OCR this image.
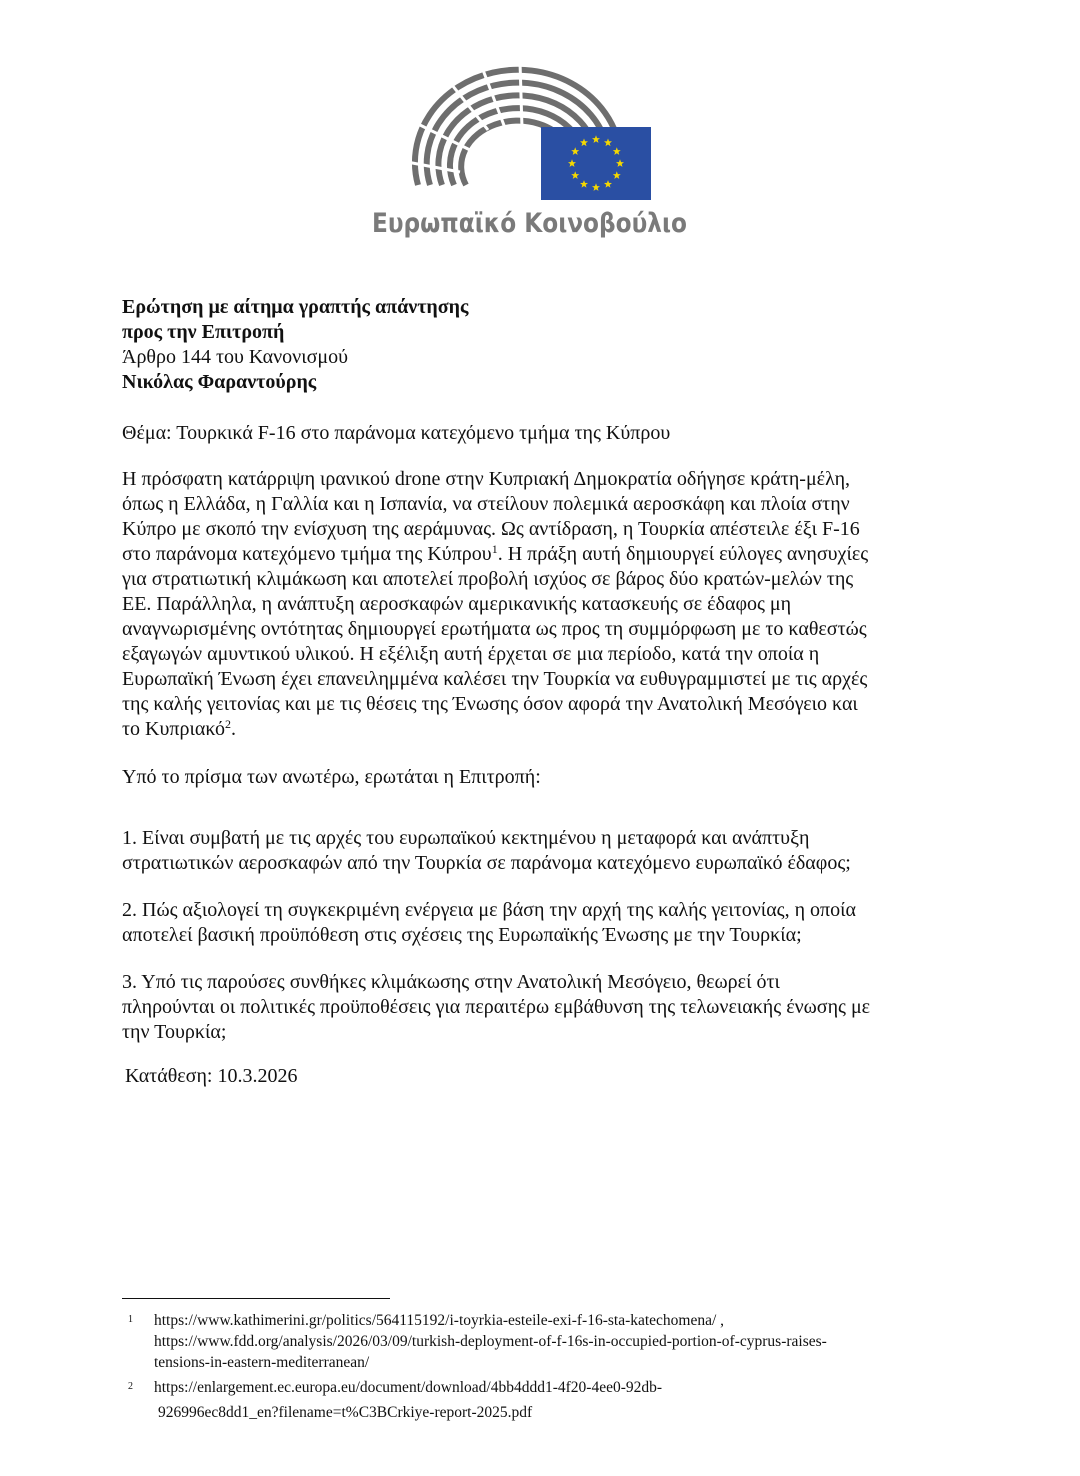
Ευρωπαϊκό Κοινοβούλιο
Ερώτηση με αίτημα γραπτής απάντησης
προς την Επιτροπή
Άρθρο 144 του Κανονισμού
Νικόλας Φαραντούρης
Θέμα: Τουρκικά F-16 στο παράνομα κατεχόμενο τμήμα της Κύπρου
Η πρόσφατη κατάρριψη ιρανικού drone στην Κυπριακή Δημοκρατία οδήγησε κράτη-μέλη,
όπως η Ελλάδα, η Γαλλία και η Ισπανία, να στείλουν πολεμικά αεροσκάφη και πλοία στην
Κύπρο με σκοπό την ενίσχυση της αεράμυνας. Ως αντίδραση, η Τουρκία απέστειλε έξι F-16
στο παράνομα κατεχόμενο τμήμα της Κύπρου$^1$. Η πράξη αυτή δημιουργεί εύλογες ανησυχίες
για στρατιωτική κλιμάκωση και αποτελεί προβολή ισχύος σε βάρος δύο κρατών-μελών της
ΕΕ. Παράλληλα, η ανάπτυξη αεροσκαφών αμερικανικής κατασκευής σε έδαφος μη
αναγνωρισμένης οντότητας δημιουργεί ερωτήματα ως προς τη συμμόρφωση με το καθεστώς
εξαγωγών αμυντικού υλικού. Η εξέλιξη αυτή έρχεται σε μια περίοδο, κατά την οποία η
Ευρωπαϊκή Ένωση έχει επανειλημμένα καλέσει την Τουρκία να ευθυγραμμιστεί με τις αρχές
της καλής γειτονίας και με τις θέσεις της Ένωσης όσον αφορά την Ανατολική Μεσόγειο και
το Κυπριακό$^2$.
Υπό το πρίσμα των ανωτέρω, ερωτάται η Επιτροπή:
1. Είναι συμβατή με τις αρχές του ευρωπαϊκού κεκτημένου η μεταφορά και ανάπτυξη
στρατιωτικών αεροσκαφών από την Τουρκία σε παράνομα κατεχόμενο ευρωπαϊκό έδαφος;
2. Πώς αξιολογεί τη συγκεκριμένη ενέργεια με βάση την αρχή της καλής γειτονίας, η οποία
αποτελεί βασική προϋπόθεση στις σχέσεις της Ευρωπαϊκής Ένωσης με την Τουρκία;
3. Υπό τις παρούσες συνθήκες κλιμάκωσης στην Ανατολική Μεσόγειο, θεωρεί ότι
πληρούνται οι πολιτικές προϋποθέσεις για περαιτέρω εμβάθυνση της τελωνειακής ένωσης με
την Τουρκία;
Κατάθεση: 10.3.2026
1 https://www.kathimerini.gr/politics/564115192/i-toyrkia-esteile-exi-f-16-sta-katechomena/ ,
https://www.fdd.org/analysis/2026/03/09/turkish-deployment-of-f-16s-in-occupied-portion-of-cyprus-raises-
tensions-in-eastern-mediterranean/
2 https://enlargement.ec.europa.eu/document/download/4bb4ddd1-4f20-4ee0-92db-
926996ec8dd1_en?filename=t%C3BCrkiye-report-2025.pdf
